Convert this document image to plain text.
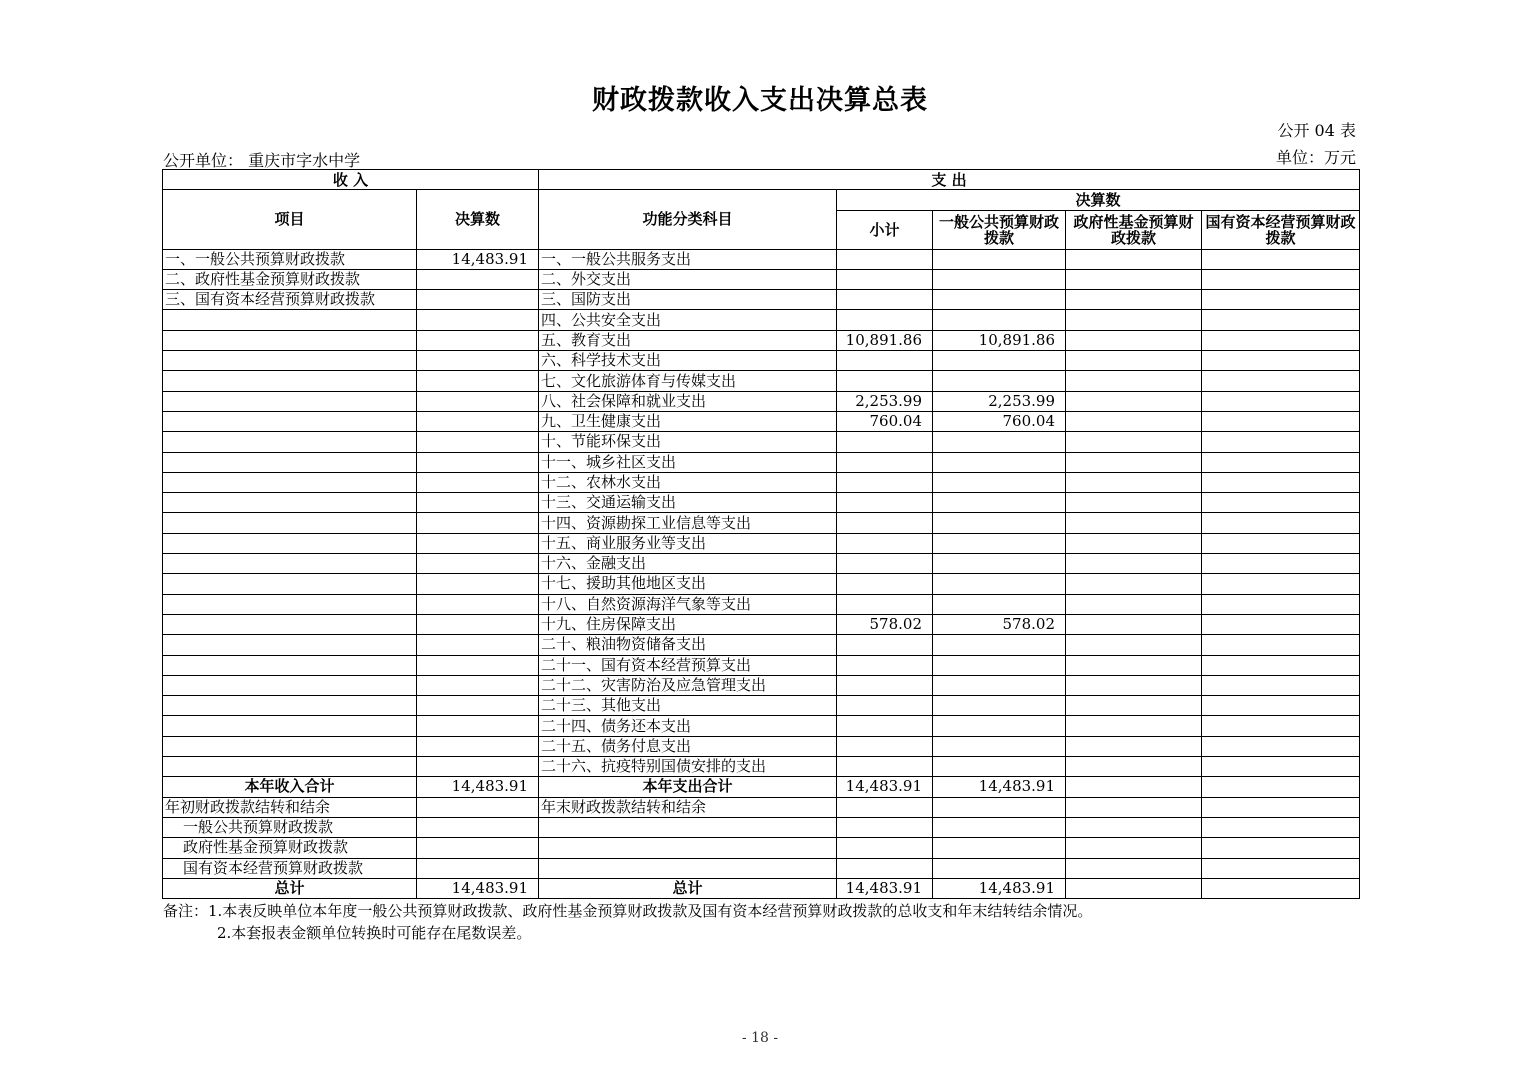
财政拨款收入支出决算总表
公开 04 表
单位：万元
公开单位： 重庆市字水中学
收 入		支 出				
项目	决算数	功能分类科目	决算数			
			小计	一般公共预算财政拨款	政府性基金预算财政拨款	国有资本经营预算财政拨款
一、一般公共预算财政拨款	14,483.91	一、一般公共服务支出				
二、政府性基金预算财政拨款		二、外交支出				
三、国有资本经营预算财政拨款		三、国防支出				
		四、公共安全支出				
		五、教育支出	10,891.86	10,891.86		
		六、科学技术支出				
		七、文化旅游体育与传媒支出				
		八、社会保障和就业支出	2,253.99	2,253.99		
		九、卫生健康支出	760.04	760.04		
		十、节能环保支出				
		十一、城乡社区支出				
		十二、农林水支出				
		十三、交通运输支出				
		十四、资源勘探工业信息等支出				
		十五、商业服务业等支出				
		十六、金融支出				
		十七、援助其他地区支出				
		十八、自然资源海洋气象等支出				
		十九、住房保障支出	578.02	578.02		
		二十、粮油物资储备支出				
		二十一、国有资本经营预算支出				
		二十二、灾害防治及应急管理支出				
		二十三、其他支出				
		二十四、债务还本支出				
		二十五、债务付息支出				
		二十六、抗疫特别国债安排的支出				
本年收入合计	14,483.91	本年支出合计	14,483.91	14,483.91		
年初财政拨款结转和结余		年末财政拨款结转和结余				
一般公共预算财政拨款						
政府性基金预算财政拨款						
国有资本经营预算财政拨款						
总计	14,483.91	总计	14,483.91	14,483.91		
备注：1.本表反映单位本年度一般公共预算财政拨款、政府性基金预算财政拨款及国有资本经营预算财政拨款的总收支和年末结转结余情况。
2.本套报表金额单位转换时可能存在尾数误差。
- 18 -
